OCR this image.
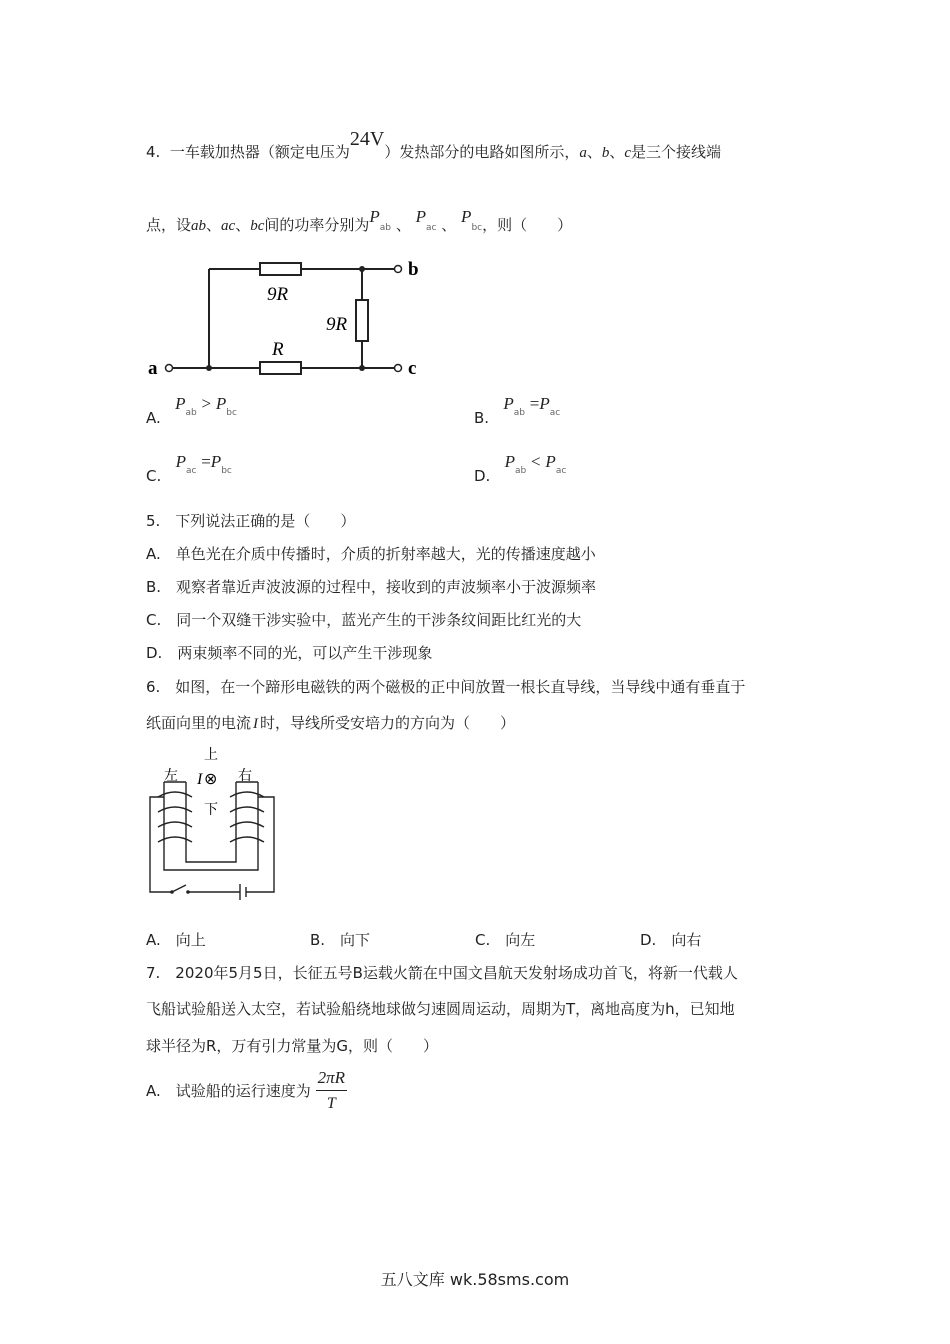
4. 一车载加热器（额定电压为24V）发热部分的电路如图所示，a、b、c是三个接线端
点，设ab、ac、bc间的功率分别为Pab 、 Pac 、 Pbc，则（　　）
9R
9R
R
a
b
c
A.   $P_{ab} > P_{bc}$	B.   $P_{ab} =P_{ac}$
C.   $P_{ac} =P_{bc}$	D.   $P_{ab} < P_{ac}$
5.　下列说法正确的是（　　）
A.　单色光在介质中传播时，介质的折射率越大，光的传播速度越小
B.　观察者靠近声波波源的过程中，接收到的声波频率小于波源频率
C.　同一个双缝干涉实验中，蓝光产生的干涉条纹间距比红光的大
D.　两束频率不同的光，可以产生干涉现象
6.　如图，在一个蹄形电磁铁的两个磁极的正中间放置一根长直导线，当导线中通有垂直于
纸面向里的电流 I 时，导线所受安培力的方向为（　　）
上
左	右
I ⊗
下
A.　向上	B.　向下	C.　向左	D.　向右
7.　2020年5月5日，长征五号B运载火箭在中国文昌航天发射场成功首飞，将新一代载人
飞船试验船送入太空，若试验船绕地球做匀速圆周运动，周期为T，离地高度为h，已知地
球半径为R，万有引力常量为G，则（　　）
A.　试验船的运行速度为 $\frac{2\pi R}{T}$
五八文库 wk.58sms.com
